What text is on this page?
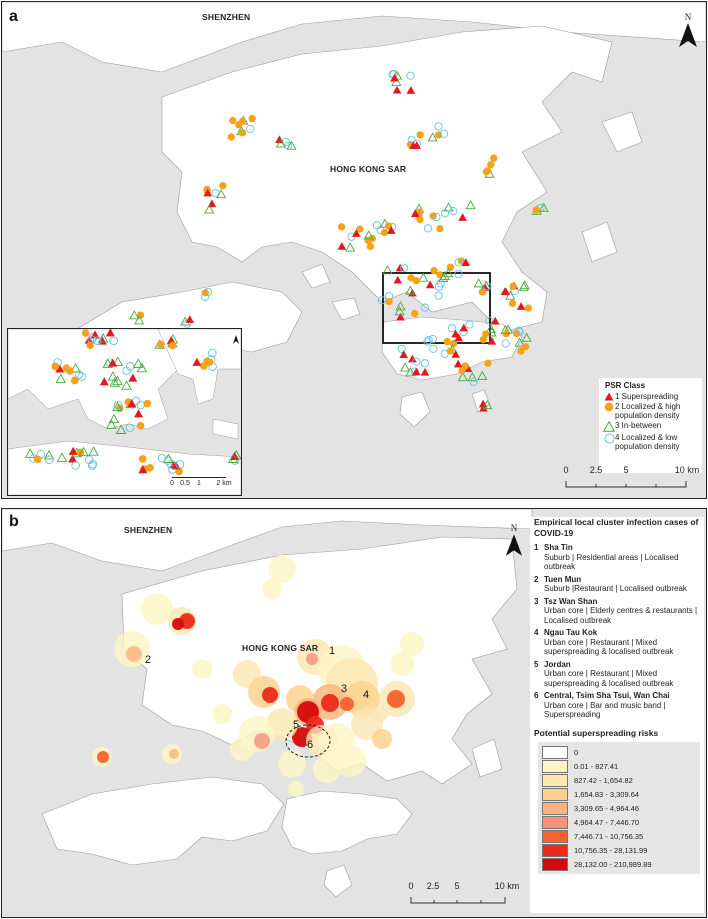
a	SHENZHEN
HONG KONG SAR
N
0 0.5 1 2 km
PSR Class
1 Superspreading
2 Localized & high population density
3 In-between
4 Localized & low population density
0 2.5 5	10 km
b	SHENZHEN
HONG KONG SAR 1
2
3 4
5
6
N
0 2.5 5	10 km
Empirical local cluster infection cases of COVID-19
1 Sha Tin
Suburb | Residential areas | Localised outbreak
2 Tuen Mun
Suburb |Restaurant | Localised outbreak
3 Tsz Wan Shan
Urban core | Elderly centres & restaurants | Localised outbreak
4 Ngau Tau Kok
Urban core | Restaurant | Mixed superspreading & localised outbreak
5 Jordan
Urban core | Restaurant | Mixed superspreading & localised outbreak
6 Central, Tsim Sha Tsui, Wan Chai
Urban core | Bar and music band | Superspreading
Potential superspreading risks
0
0.01 - 827.41
827.42 - 1,654.82
1,654.83 - 3,309.64
3,309.65 - 4,964.46
4,964.47 - 7,446.70
7,446.71 - 10,756.35
10,756.35 - 28,131.99
28,132.00 - 210,989.89
